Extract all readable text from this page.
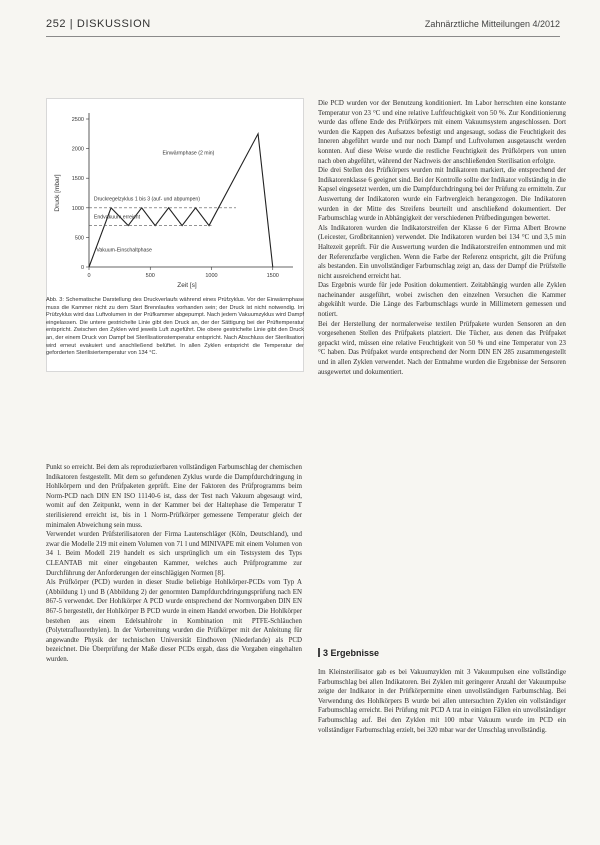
252 | DISKUSSION	Zahnärztliche Mitteilungen 4/2012
Druck [mbar]
Zeit [s]
2500
2000
1500
1000
500
0
0	500	1000	1500
Einwärmphase (2 min)
Druckregelzyklus 1 bis 3 (auf- und abpumpen)
Endvakuum erreicht
Vakuum-Einschaltphase
Abb. 3: Schematische Darstellung des Druckverlaufs während eines Prüfzyklus. Vor der Einwärmphase muss die Kammer nicht zu dem Start Brennlaufes vorhanden sein; der Druck ist nicht notwendig. Im Prüfzyklus wird das Luftvolumen in der Prüfkammer abgepumpt. Nach jedem Vakuumzyklus wird Dampf eingelassen. Die untere gestrichelte Linie gibt den Druck an, der der Sättigung bei der Prüftemperatur entspricht. Zwischen den Zyklen wird jeweils Luft zugeführt. Die obere gestrichelte Linie gibt den Druck an, der einem Druck von Dampf bei Sterilisationstemperatur entspricht. Nach Abschluss der Sterilisation wird erneut evakuiert und anschließend belüftet. In allen Zyklen entspricht die Temperatur der geforderten Sterilisiertemperatur von 134 °C.

Punkt so erreicht. Bei dem als reproduzierbaren vollständigen Farbumschlag der chemischen Indikatoren festgestellt. Mit dem so gefundenen Zyklus wurde die Dampfdurchdringung in Hohlkörpern und den Prüfpaketen geprüft. Eine der Faktoren des Prüfprogramms beim Norm-PCD nach DIN EN ISO 11140-6 ist, dass der Test nach Vakuum abgesaugt wird, womit auf den Zeitpunkt, wenn in der Kammer bei der Haltephase die Temperatur T sterilisierend erreicht ist, bis in 1 Norm-Prüfkörper gemessene Temperatur gleich der minimalen Abweichung sein muss.

Verwendet wurden Prüfsterilisatoren der Firma Lautenschläger (Köln, Deutschland), und zwar die Modelle 219 mit einem Volumen von 71 l und MINIVAPE mit einem Volumen von 34 l. Beim Modell 219 handelt es sich ursprünglich um ein Testsystem des Typs CLEANTAB mit einer eingebauten Kammer, welches auch Prüfprogramme zur Durchführung der Anforderungen der einschlägigen Normen [8].

Als Prüfkörper (PCD) wurden in dieser Studie beliebige Hohlkörper-PCDs vom Typ A (Abbildung 1) und B (Abbildung 2) der genormten Dampfdurchdringungsprüfung nach EN 867-5 verwendet. Der Hohlkörper A PCD wurde entsprechend der Normvorgaben DIN EN 867-5 hergestellt, der Hohlkörper B PCD wurde in einem Handel erworben. Die Hohlkörper bestehen aus einem Edelstahlrohr in Kombination mit PTFE-Schläuchen (Polytetrafluorethylen). In der Vorbereitung wurden die Prüfkörper mit der Anleitung für angewandte Physik der technischen Universität Eindhoven (Niederlande) als PCD bezeichnet. Die Überprüfung der Maße dieser PCDs ergab, dass die Vorgaben eingehalten wurden.

Die PCD wurden vor der Benutzung konditioniert. Im Labor herrschten eine konstante Temperatur von 23 °C und eine relative Luftfeuchtigkeit von 50 %. Zur Konditionierung wurde das offene Ende des Prüfkörpers mit einem Vakuumsystem angeschlossen. Dort wurden die Kappen des Aufsatzes befestigt und angesaugt, sodass die Feuchtigkeit des Inneren abgeführt wurde und nur noch Dampf und Luftvolumen ausgetauscht werden konnten. Auf diese Weise wurde die restliche Feuchtigkeit des Prüfkörpers von unten nach oben abgeführt, während der Nachweis der anschließenden Sterilisation erfolgte.

Die drei Stellen des Prüfkörpers wurden mit Indikatoren markiert, die entsprechend der Indikatorenklasse 6 geeignet sind. Bei der Kontrolle sollte der Indikator vollständig in die Kapsel eingesetzt werden, um die Dampfdurchdringung bei der Prüfung zu ermitteln. Zur Auswertung der Indikatoren wurde ein Farbvergleich herangezogen. Die Indikatoren wurden in der Mitte des Streifens beurteilt und anschließend dokumentiert. Der Farbumschlag wurde in Abhängigkeit der verschiedenen Prüfbedingungen bewertet.

Als Indikatoren wurden die Indikatorstreifen der Klasse 6 der Firma Albert Browne (Leicester, Großbritannien) verwendet. Die Indikatoren wurden bei 134 °C und 3,5 min Haltezeit geprüft. Für die Auswertung wurden die Indikatorstreifen entnommen und mit der Referenzfarbe verglichen. Wenn die Farbe der Referenz entspricht, gilt die Prüfung als bestanden. Ein unvollständiger Farbumschlag zeigt an, dass der Dampf die Prüfstelle nicht ausreichend erreicht hat.

Das Ergebnis wurde für jede Position dokumentiert. Zeitabhängig wurden alle Zyklen nacheinander ausgeführt, wobei zwischen den einzelnen Versuchen die Kammer abgekühlt wurde. Die Länge des Farbumschlags wurde in Millimetern gemessen und notiert.

Bei der Herstellung der normalerweise textilen Prüfpakete wurden Sensoren an den vorgesehenen Stellen des Prüfpakets platziert. Die Tücher, aus denen das Prüfpaket gepackt wird, müssen eine relative Feuchtigkeit von 50 % und eine Temperatur von 23 °C haben. Das Prüfpaket wurde entsprechend der Norm DIN EN 285 zusammengestellt und in allen Zyklen verwendet. Nach der Entnahme wurden die Ergebnisse der Sensoren ausgewertet und dokumentiert.

3 Ergebnisse

Im Kleinsterilisator gab es bei Vakuumzyklen mit 3 Vakuumpulsen eine vollständige Farbumschlag bei allen Indikatoren. Bei Zyklen mit geringerer Anzahl der Vakuumpulse zeigte der Indikator in der Prüfkörpermitte einen unvollständigen Farbumschlag. Bei Verwendung des Hohlkörpers B wurde bei allen untersuchten Zyklen ein vollständiger Farbumschlag erreicht. Bei Prüfung mit PCD A trat in einigen Fällen ein unvollständiger Farbumschlag auf. Bei den Zyklen mit 100 mbar Vakuum wurde im PCD ein vollständiger Farbumschlag erzielt, bei 320 mbar war der Umschlag unvollständig.
